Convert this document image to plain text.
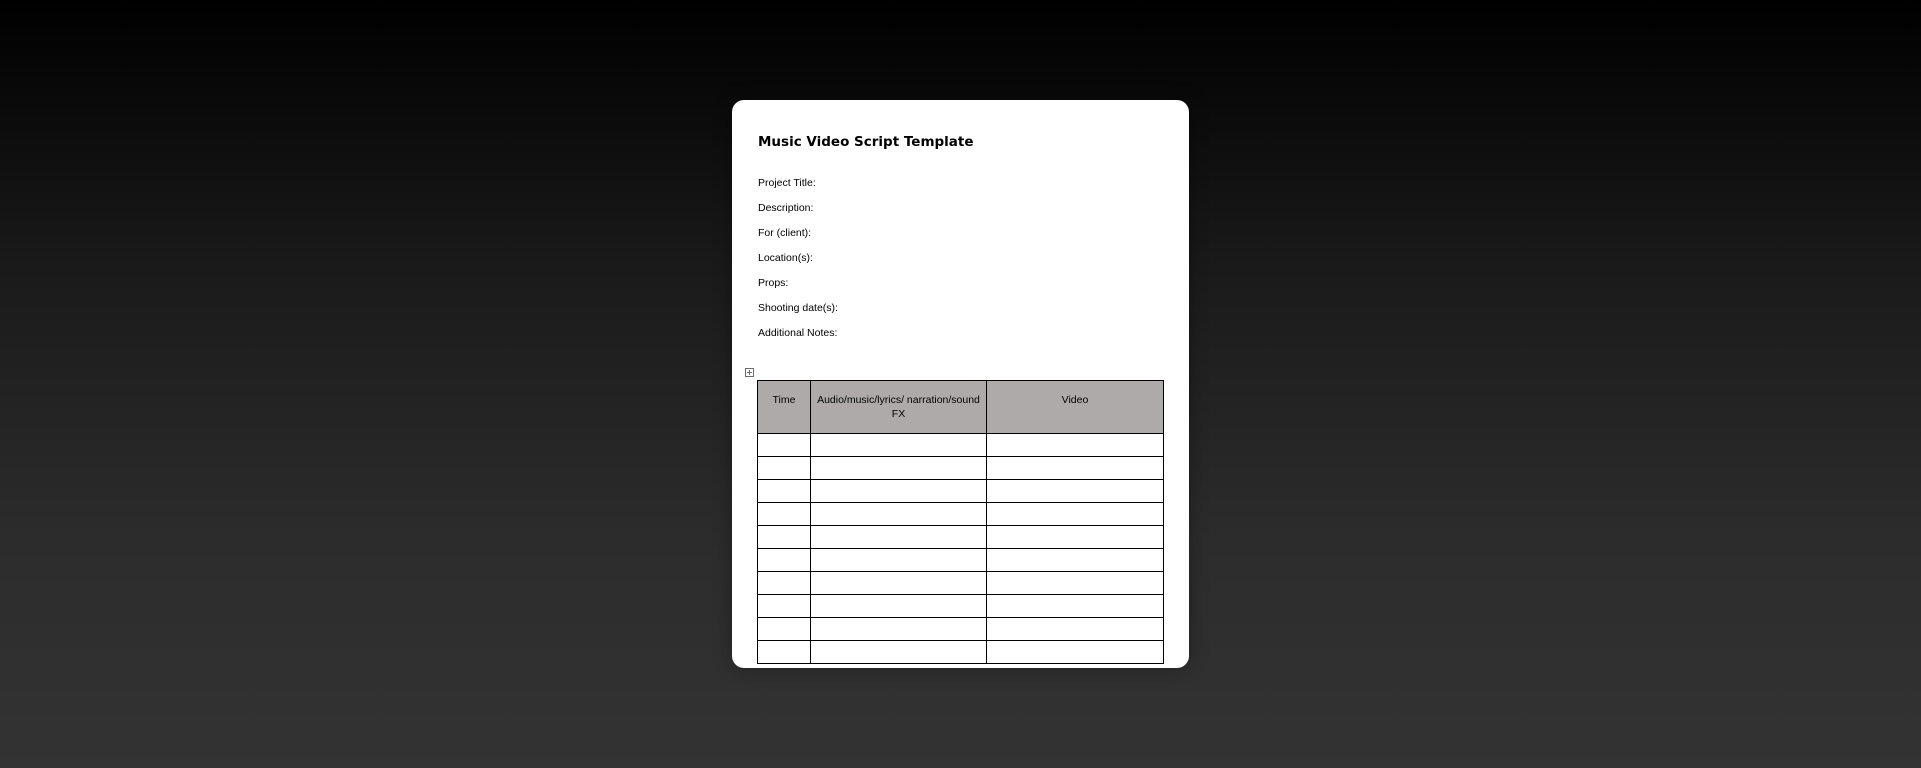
Music Video Script Template
Project Title:
Description:
For (client):
Location(s):
Props:
Shooting date(s):
Additional Notes:
Time	Audio/music/lyrics/ narration/sound FX	Video
